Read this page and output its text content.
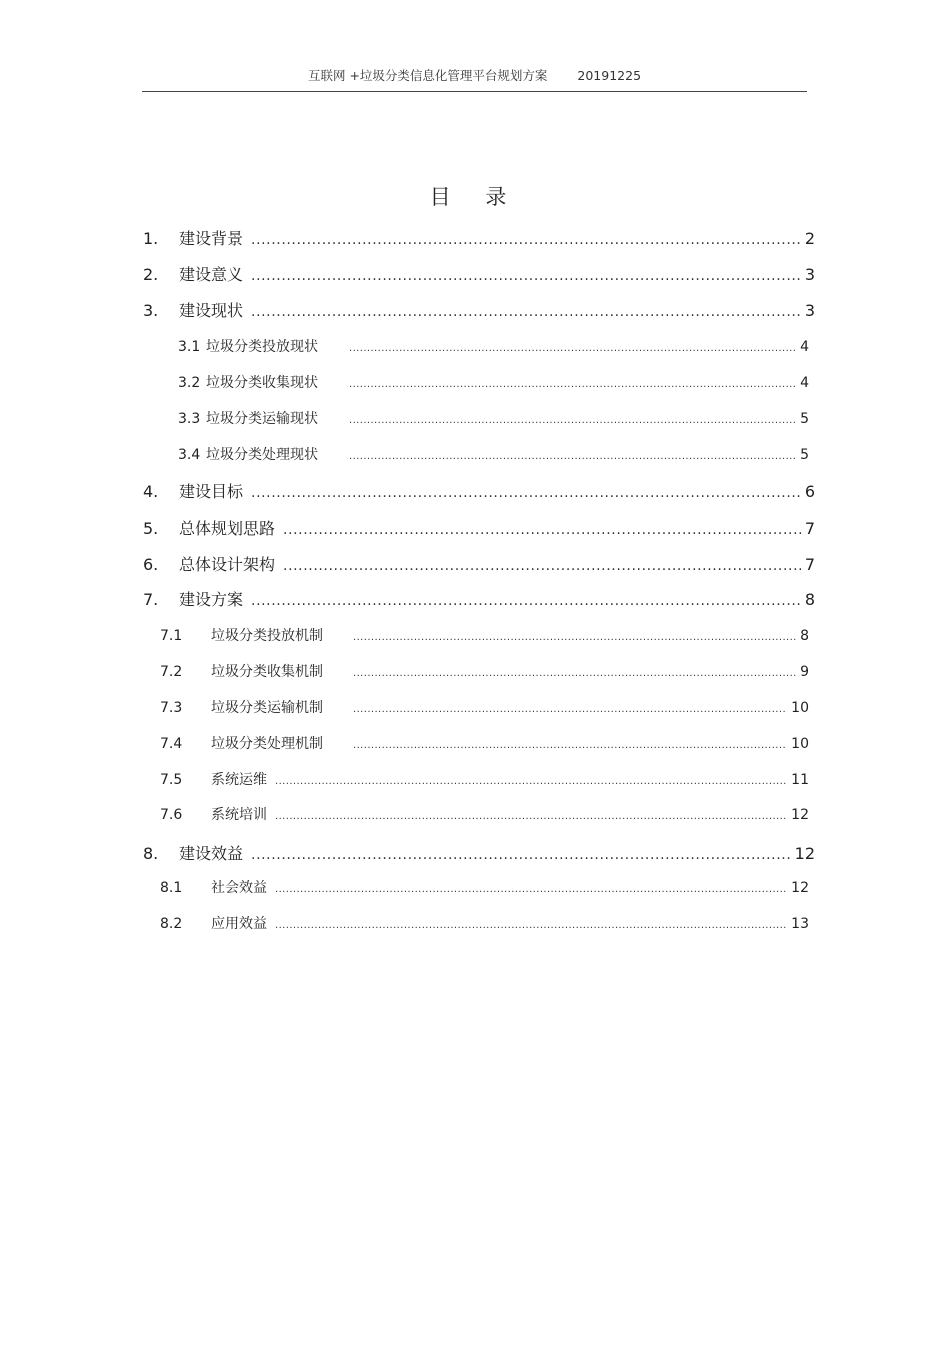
互联网 +垃圾分类信息化管理平台规划方案 20191225
目 录
1.	建设背景 .....	2
2.	建设意义 .....	3
3.	建设现状 .....	3
3.1 垃圾分类投放现状 .....	4
3.2 垃圾分类收集现状 .....	4
3.3 垃圾分类运输现状 .....	5
3.4 垃圾分类处理现状 .....	5
4.	建设目标 .....	6
5.	总体规划思路 .....	7
6.	总体设计架构 .....	7
7.	建设方案 .....	8
7.1	垃圾分类投放机制 .....	8
7.2	垃圾分类收集机制 .....	9
7.3	垃圾分类运输机制 .....	10
7.4	垃圾分类处理机制 .....	10
7.5	系统运维 .....	11
7.6	系统培训 .....	12
8.	建设效益 .....	12
8.1	社会效益 .....	12
8.2	应用效益 .....	13
